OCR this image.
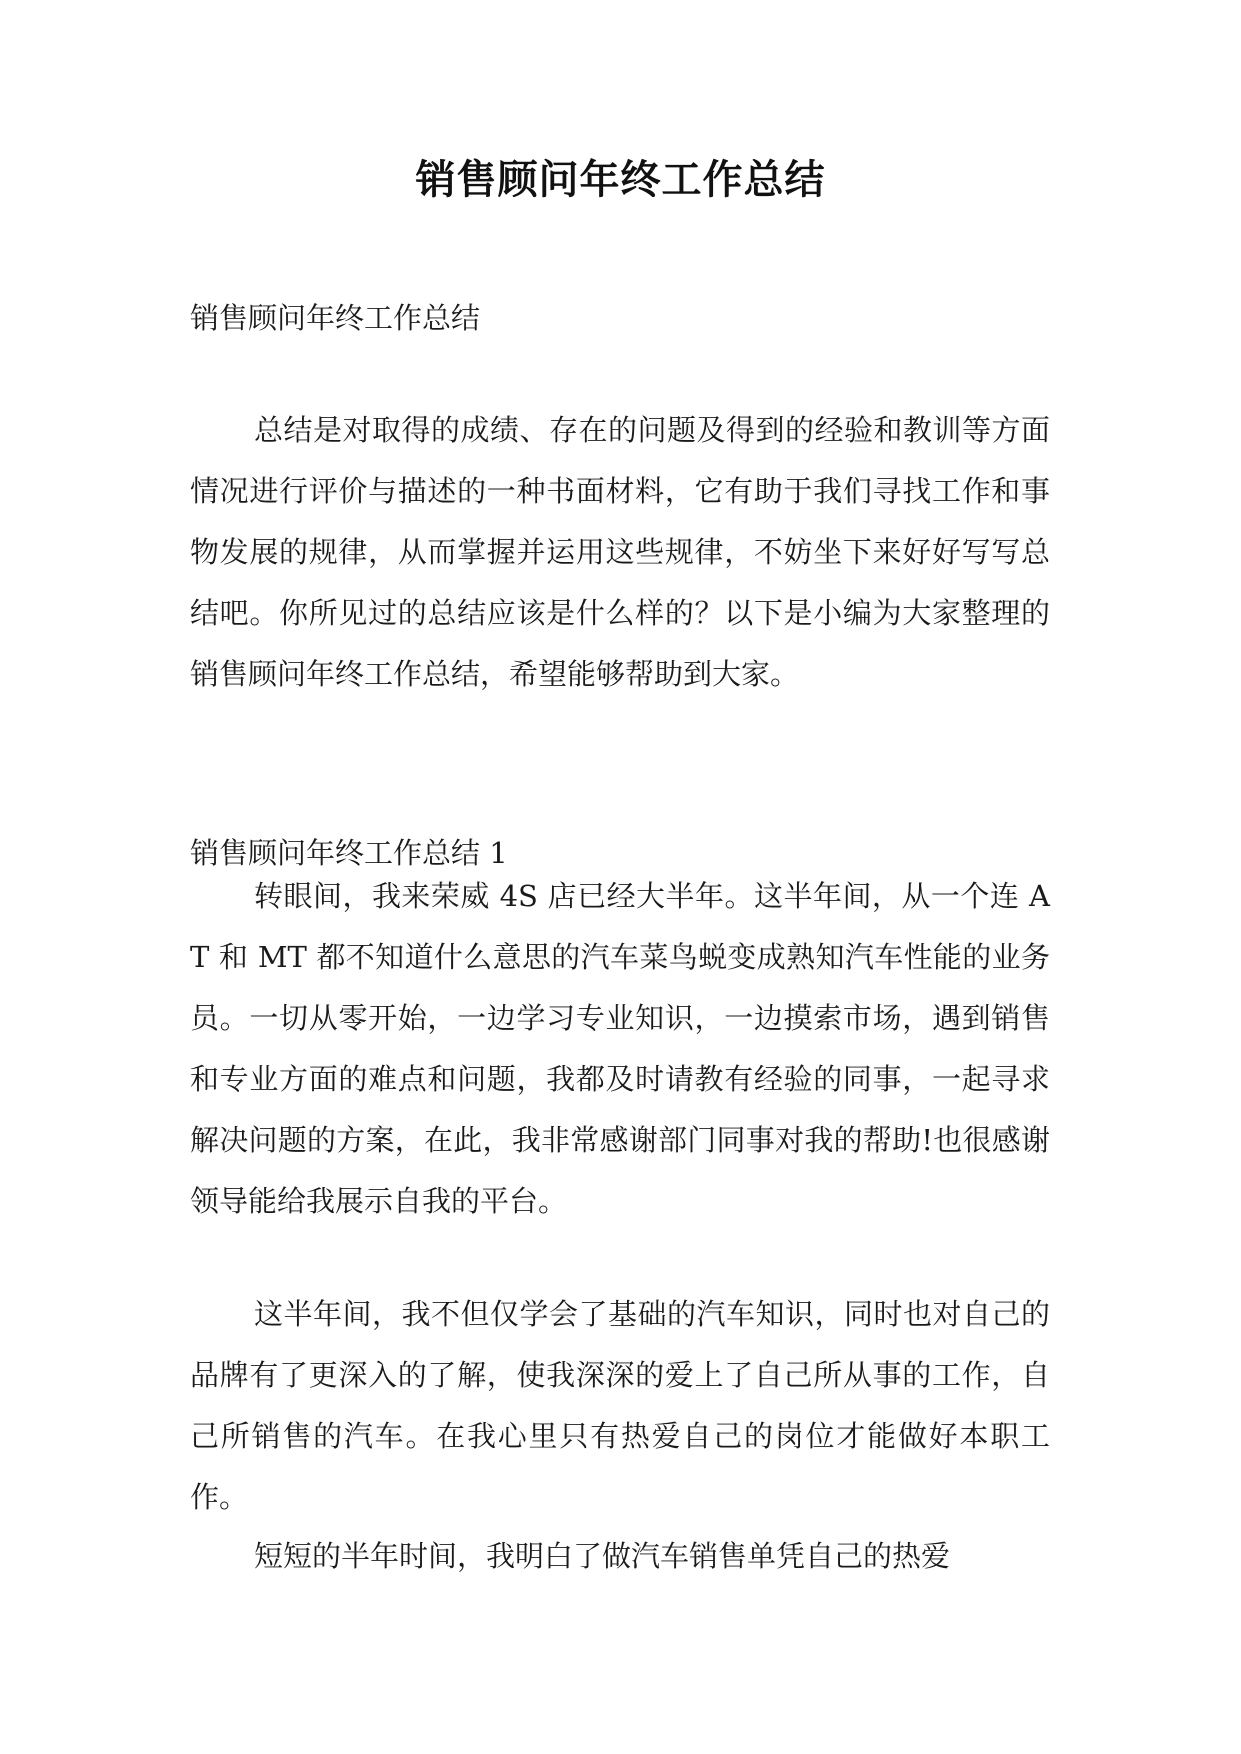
销售顾问年终工作总结

销售顾问年终工作总结

总结是对取得的成绩、存在的问题及得到的经验和教训等方面情况进行评价与描述的一种书面材料，它有助于我们寻找工作和事物发展的规律，从而掌握并运用这些规律，不妨坐下来好好写写总结吧。你所见过的总结应该是什么样的？以下是小编为大家整理的销售顾问年终工作总结，希望能够帮助到大家。

销售顾问年终工作总结 1

转眼间，我来荣威 4S 店已经大半年。这半年间，从一个连 AT 和 MT 都不知道什么意思的汽车菜鸟蜕变成熟知汽车性能的业务员。一切从零开始，一边学习专业知识，一边摸索市场，遇到销售和专业方面的难点和问题，我都及时请教有经验的同事，一起寻求解决问题的方案，在此，我非常感谢部门同事对我的帮助!也很感谢领导能给我展示自我的平台。

这半年间，我不但仅学会了基础的汽车知识，同时也对自己的品牌有了更深入的了解，使我深深的爱上了自己所从事的工作，自己所销售的汽车。在我心里只有热爱自己的岗位才能做好本职工作。

短短的半年时间，我明白了做汽车销售单凭自己的热爱
